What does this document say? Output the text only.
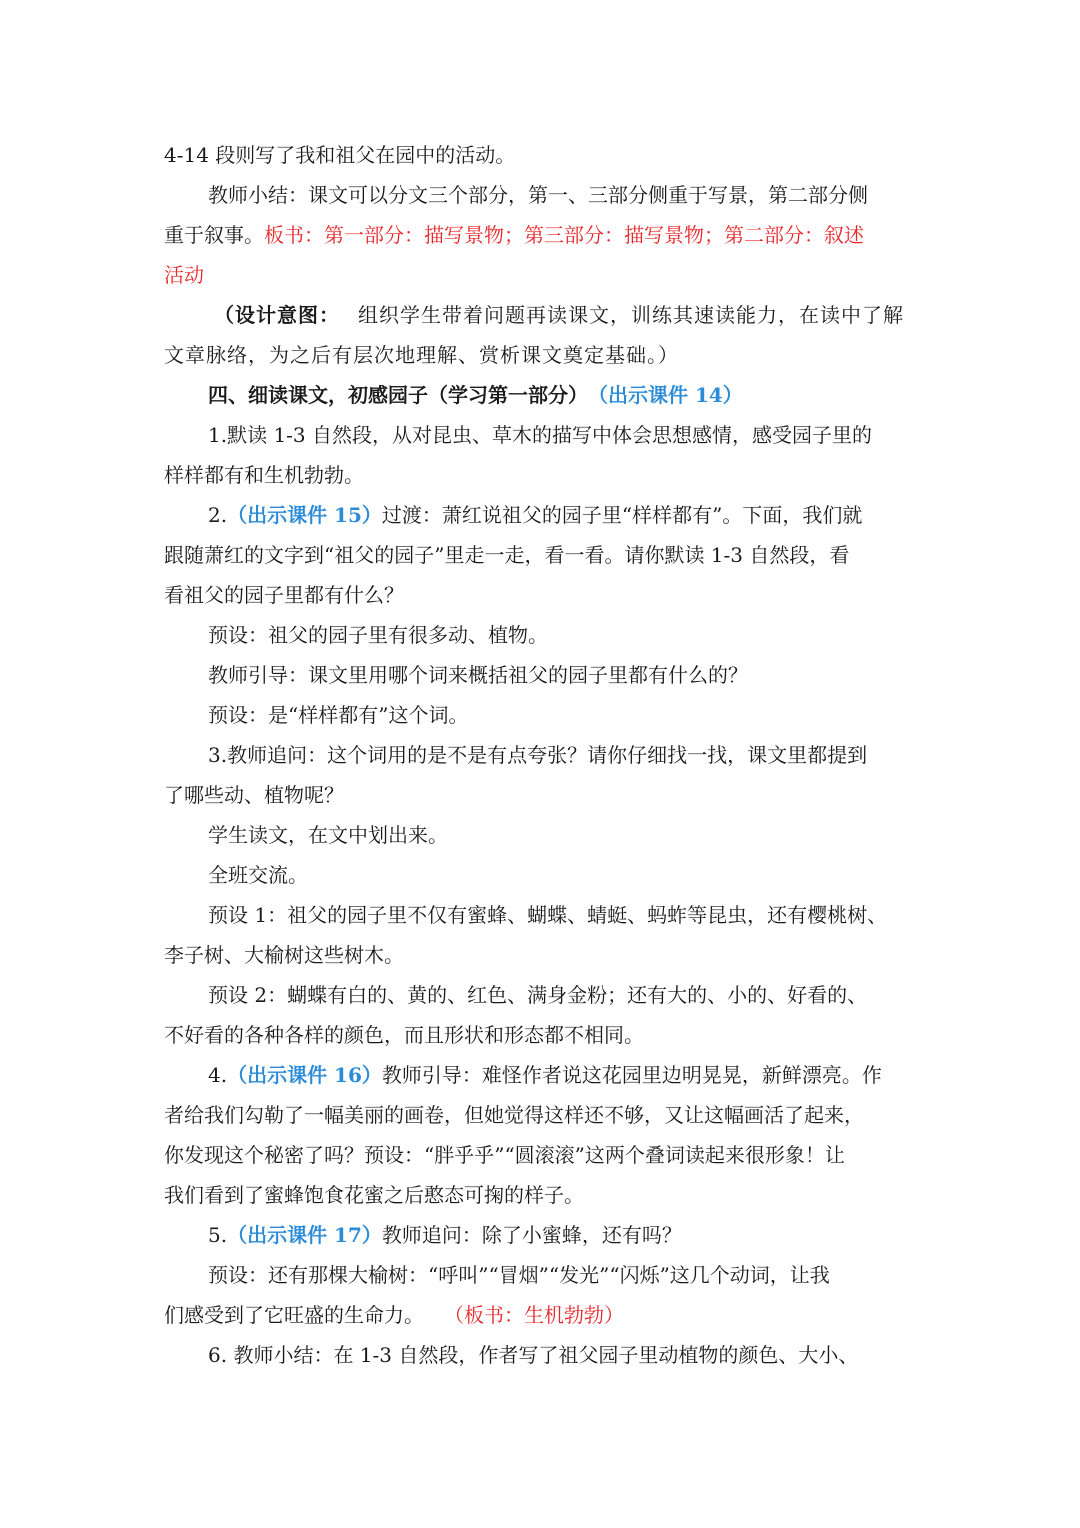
4-14 段则写了我和祖父在园中的活动。
教师小结：课文可以分文三个部分，第一、三部分侧重于写景，第二部分侧
重于叙事。 板书：第一部分：描写景物；第三部分：描写景物；第二部分：叙述
活动
（设计意图： 组织学生带着问题再读课文，训练其速读能力，在读中了解
文章脉络，为之后有层次地理解、赏析课文奠定基础。）
四、细读课文，初感园子（学习第一部分） （出示课件 14）
1.默读 1-3 自然段，从对昆虫、草木的描写中体会思想感情，感受园子里的
样样都有和生机勃勃。
2. （出示课件 15） 过渡：萧红说祖父的园子里“样样都有”。下面，我们就
跟随萧红的文字到“祖父的园子”里走一走，看一看。请你默读 1-3 自然段，看
看祖父的园子里都有什么？
预设：祖父的园子里有很多动、植物。
教师引导：课文里用哪个词来概括祖父的园子里都有什么的？
预设：是“样样都有”这个词。
3.教师追问：这个词用的是不是有点夸张？请你仔细找一找，课文里都提到
了哪些动、植物呢？
学生读文，在文中划出来。
全班交流。
预设 1：祖父的园子里不仅有蜜蜂、蝴蝶、蜻蜓、蚂蚱等昆虫，还有樱桃树、
李子树、大榆树这些树木。
预设 2：蝴蝶有白的、黄的、红色、满身金粉；还有大的、小的、好看的、
不好看的各种各样的颜色，而且形状和形态都不相同。
4. （出示课件 16） 教师引导：难怪作者说这花园里边明晃晃，新鲜漂亮。作
者给我们勾勒了一幅美丽的画卷，但她觉得这样还不够，又让这幅画活了起来，
你发现这个秘密了吗？预设：“胖乎乎”“圆滚滚”这两个叠词读起来很形象！让
我们看到了蜜蜂饱食花蜜之后憨态可掬的样子。
5. （出示课件 17） 教师追问：除了小蜜蜂，还有吗？
预设：还有那棵大榆树：“呼叫”“冒烟”“发光”“闪烁”这几个动词，让我
们感受到了它旺盛的生命力。	（板书：生机勃勃）
6. 教师小结：在 1-3 自然段，作者写了祖父园子里动植物的颜色、大小、
